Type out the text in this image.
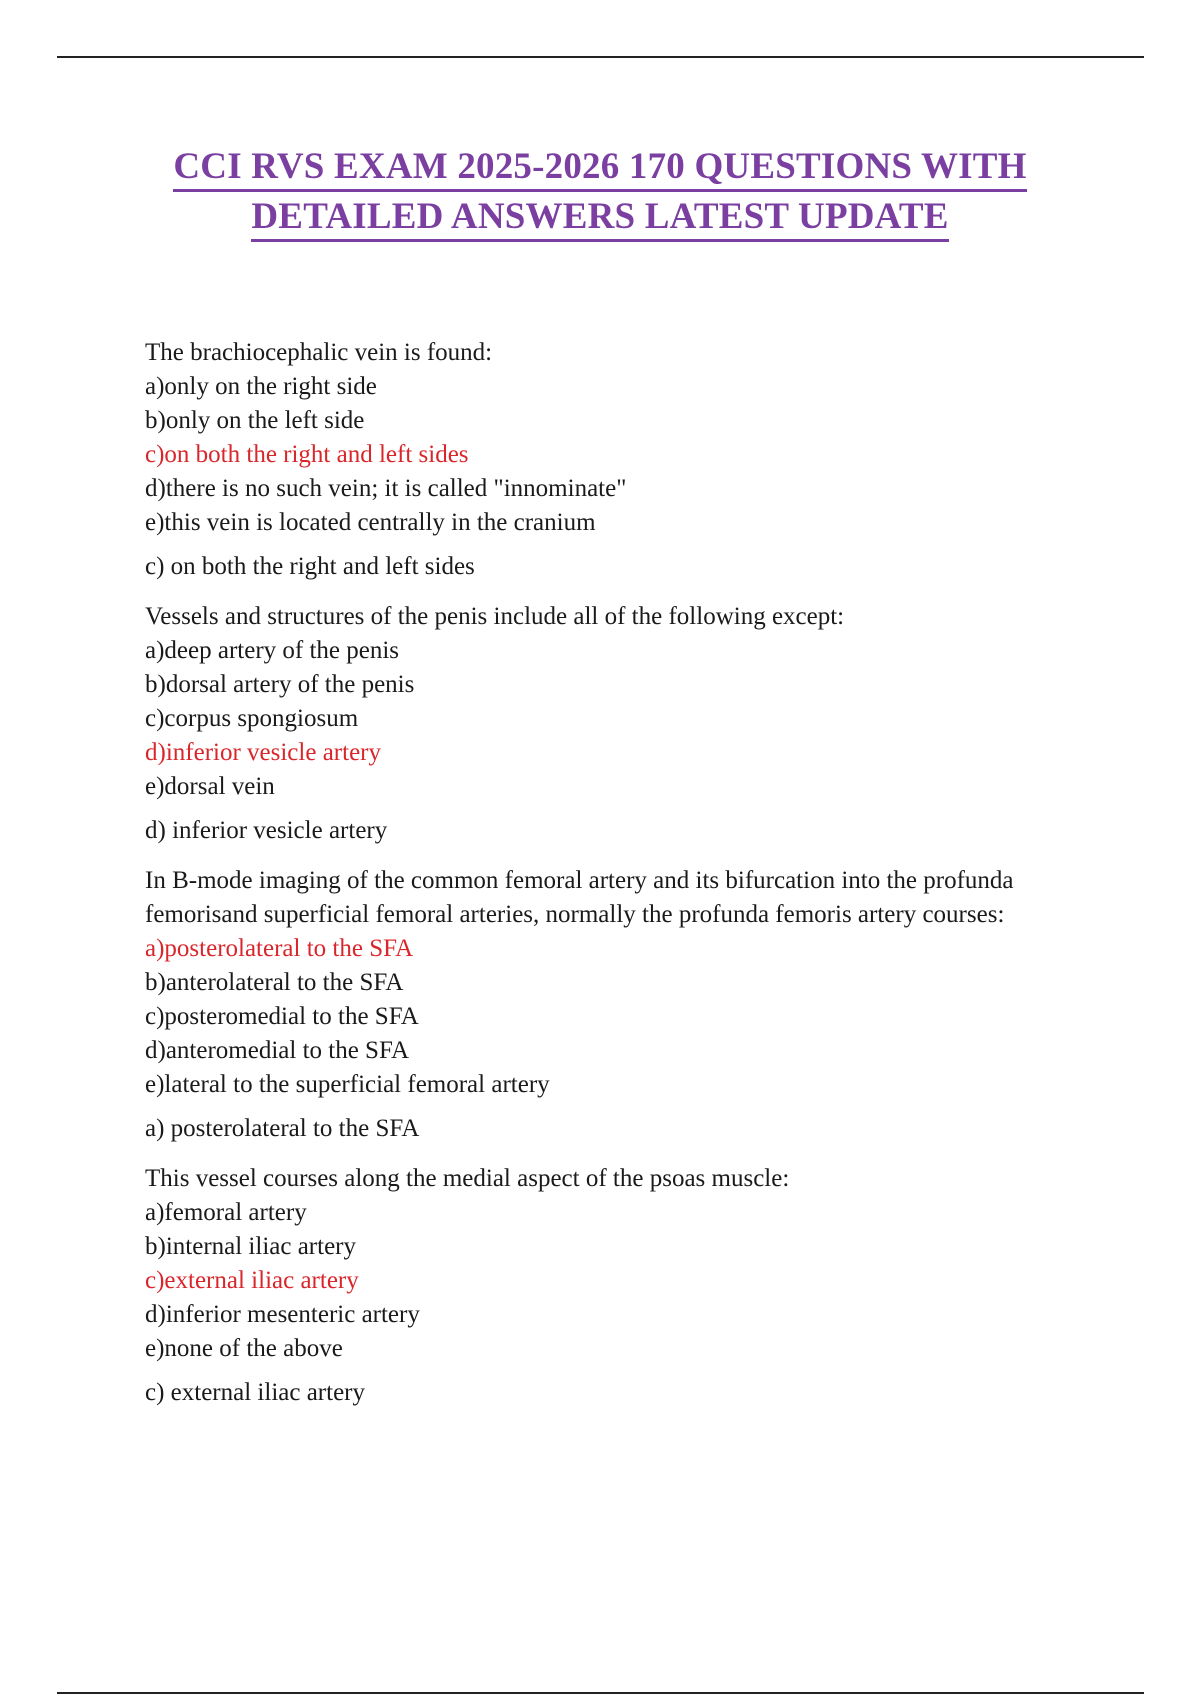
CCI RVS EXAM 2025-2026 170 QUESTIONS WITH
DETAILED ANSWERS LATEST UPDATE

The brachiocephalic vein is found:

a)only on the right side

b)only on the left side

c)on both the right and left sides

d)there is no such vein; it is called "innominate"

e)this vein is located centrally in the cranium

c) on both the right and left sides

Vessels and structures of the penis include all of the following except:

a)deep artery of the penis

b)dorsal artery of the penis

c)corpus spongiosum

d)inferior vesicle artery

e)dorsal vein

d) inferior vesicle artery

In B-mode imaging of the common femoral artery and its bifurcation into the profunda femorisand superficial femoral arteries, normally the profunda femoris artery courses:

a)posterolateral to the SFA

b)anterolateral to the SFA

c)posteromedial to the SFA

d)anteromedial to the SFA

e)lateral to the superficial femoral artery

a) posterolateral to the SFA

This vessel courses along the medial aspect of the psoas muscle:

a)femoral artery

b)internal iliac artery

c)external iliac artery

d)inferior mesenteric artery

e)none of the above

c) external iliac artery
